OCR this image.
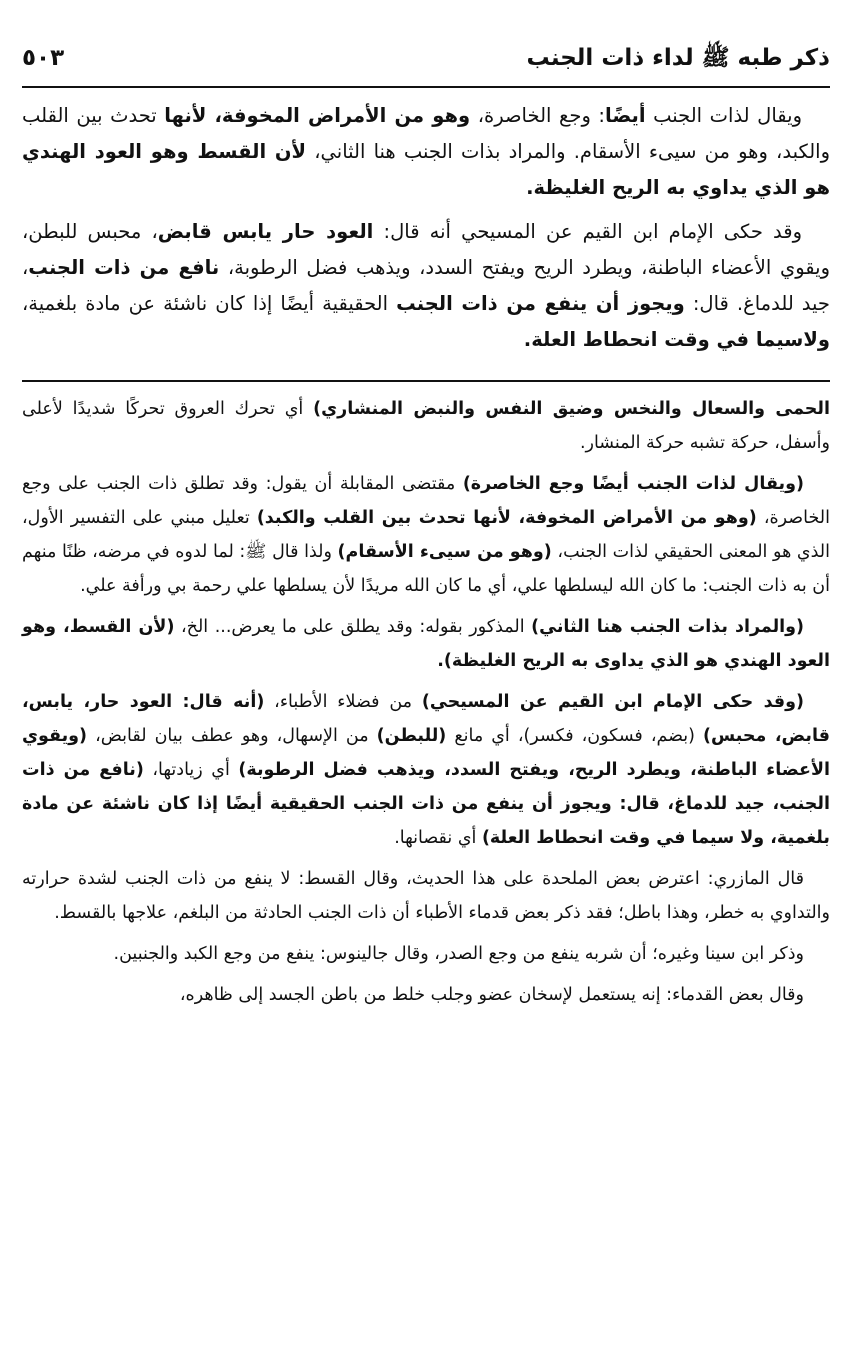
ذكر طبه ﷺ لداء ذات الجنب
٥٠٣

ويقال لذات الجنب أيضًا: وجع الخاصرة، وهو من الأمراض المخوفة، لأنها تحدث بين القلب والكبد، وهو من سيىء الأسقام. والمراد بذات الجنب هنا الثاني، لأن القسط وهو العود الهندي هو الذي يداوي به الريح الغليظة.

وقد حكى الإمام ابن القيم عن المسيحي أنه قال: العود حار يابس قابض، محبس للبطن، ويقوي الأعضاء الباطنة، ويطرد الريح ويفتح السدد، ويذهب فضل الرطوبة، نافع من ذات الجنب، جيد للدماغ. قال: ويجوز أن ينفع من ذات الجنب الحقيقية أيضًا إذا كان ناشئة عن مادة بلغمية، ولاسيما في وقت انحطاط العلة.

الحمى والسعال والنخس وضيق النفس والنبض المنشاري) أي تحرك العروق تحركًا شديدًا لأعلى وأسفل، حركة تشبه حركة المنشار.

(ويقال لذات الجنب أيضًا وجع الخاصرة) مقتضى المقابلة أن يقول: وقد تطلق ذات الجنب على وجع الخاصرة، (وهو من الأمراض المخوفة، لأنها تحدث بين القلب والكبد) تعليل مبني على التفسير الأول، الذي هو المعنى الحقيقي لذات الجنب، (وهو من سيىء الأسقام) ولذا قال ﷺ: لما لدوه في مرضه، ظنًا منهم أن به ذات الجنب: ما كان الله ليسلطها علي، أي ما كان الله مريدًا لأن يسلطها علي رحمة بي ورأفة علي.

(والمراد بذات الجنب هنا الثاني) المذكور بقوله: وقد يطلق على ما يعرض... الخ، (لأن القسط، وهو العود الهندي هو الذي يداوى به الريح الغليظة).

(وقد حكى الإمام ابن القيم عن المسيحي) من فضلاء الأطباء، (أنه قال: العود حار، يابس، قابض، محبس) (بضم، فسكون، فكسر)، أي مانع (للبطن) من الإسهال، وهو عطف بيان لقابض، (ويقوي الأعضاء الباطنة، ويطرد الريح، ويفتح السدد، ويذهب فضل الرطوبة) أي زيادتها، (نافع من ذات الجنب، جيد للدماغ، قال: ويجوز أن ينفع من ذات الجنب الحقيقية أيضًا إذا كان ناشئة عن مادة بلغمية، ولا سيما في وقت انحطاط العلة) أي نقصانها.

قال المازري: اعترض بعض الملحدة على هذا الحديث، وقال القسط: لا ينفع من ذات الجنب لشدة حرارته والتداوي به خطر، وهذا باطل؛ فقد ذكر بعض قدماء الأطباء أن ذات الجنب الحادثة من البلغم، علاجها بالقسط.

وذكر ابن سينا وغيره؛ أن شربه ينفع من وجع الصدر، وقال جالينوس: ينفع من وجع الكبد والجنبين.

وقال بعض القدماء: إنه يستعمل لإسخان عضو وجلب خلط من باطن الجسد إلى ظاهره،
